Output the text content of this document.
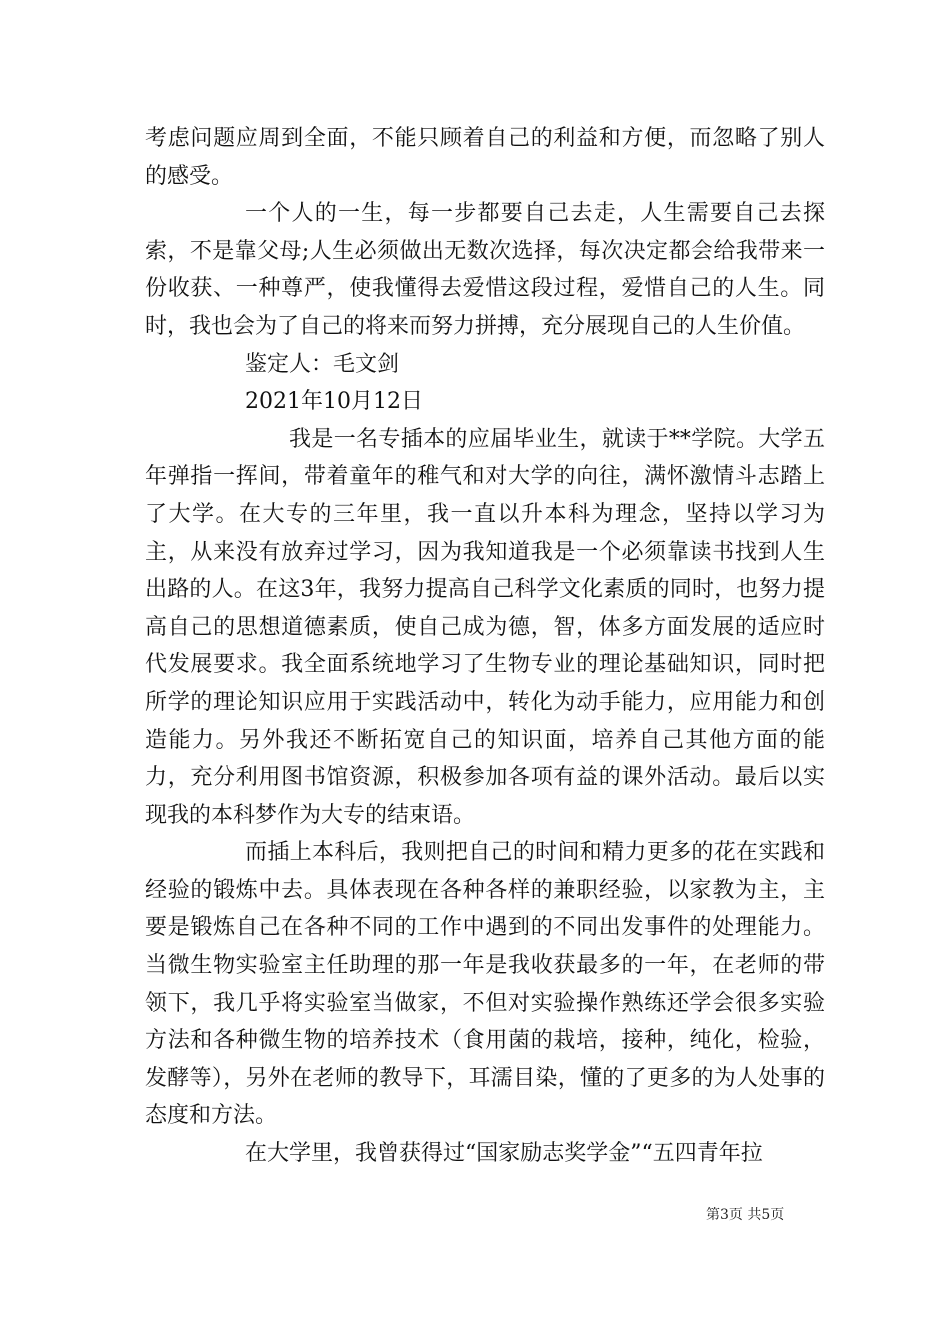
考虑问题应周到全面，不能只顾着自己的利益和方便，而忽略了别人的感受。

一个人的一生，每一步都要自己去走，人生需要自己去探索，不是靠父母;人生必须做出无数次选择，每次决定都会给我带来一份收获、一种尊严，使我懂得去爱惜这段过程，爱惜自己的人生。同时，我也会为了自己的将来而努力拼搏，充分展现自己的人生价值。

鉴定人：毛文剑

2021年10月12日

我是一名专插本的应届毕业生，就读于**学院。大学五年弹指一挥间，带着童年的稚气和对大学的向往，满怀激情斗志踏上了大学。在大专的三年里，我一直以升本科为理念，坚持以学习为主，从来没有放弃过学习，因为我知道我是一个必须靠读书找到人生出路的人。在这3年，我努力提高自己科学文化素质的同时，也努力提高自己的思想道德素质，使自己成为德，智，体多方面发展的适应时代发展要求。我全面系统地学习了生物专业的理论基础知识，同时把所学的理论知识应用于实践活动中，转化为动手能力，应用能力和创造能力。另外我还不断拓宽自己的知识面，培养自己其他方面的能力，充分利用图书馆资源，积极参加各项有益的课外活动。最后以实现我的本科梦作为大专的结束语。

而插上本科后，我则把自己的时间和精力更多的花在实践和经验的锻炼中去。具体表现在各种各样的兼职经验，以家教为主，主要是锻炼自己在各种不同的工作中遇到的不同出发事件的处理能力。当微生物实验室主任助理的那一年是我收获最多的一年，在老师的带领下，我几乎将实验室当做家，不但对实验操作熟练还学会很多实验方法和各种微生物的培养技术（食用菌的栽培，接种，纯化，检验，发酵等），另外在老师的教导下，耳濡目染，懂的了更多的为人处事的态度和方法。

在大学里，我曾获得过“国家励志奖学金”“五四青年拉

第3页 共5页
